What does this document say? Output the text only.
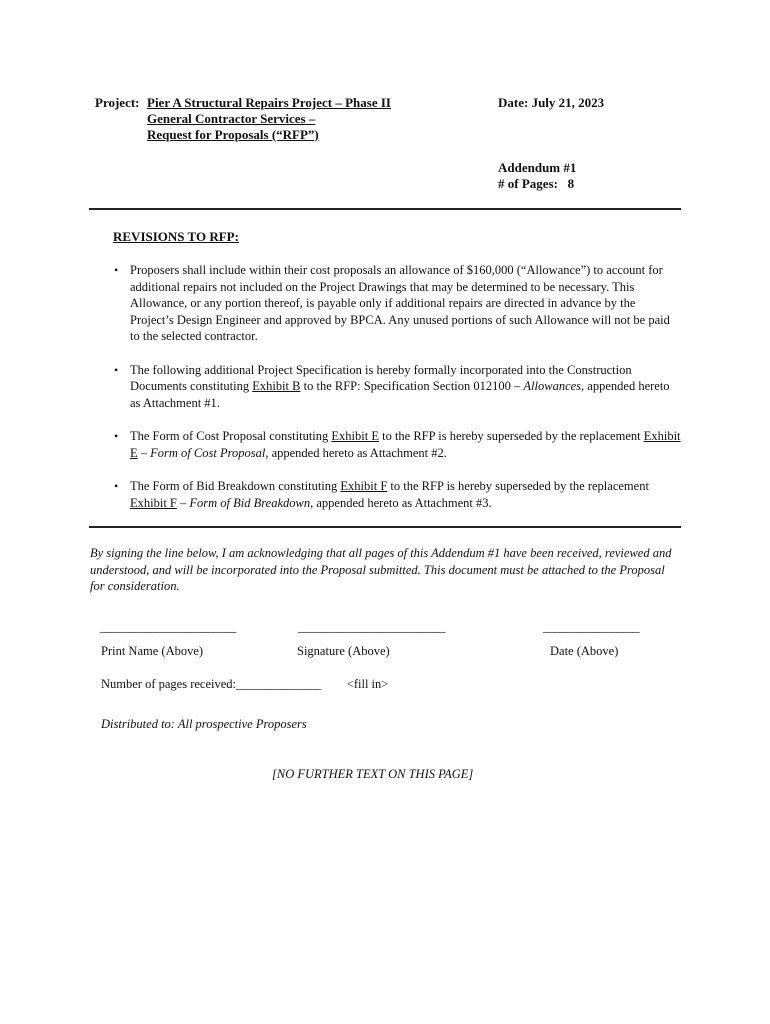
Project: Pier A Structural Repairs Project – Phase II
General Contractor Services –
Request for Proposals (“RFP”)
Date: July 21, 2023
Addendum #1
# of Pages:   8
REVISIONS TO RFP:
• Proposers shall include within their cost proposals an allowance of $160,000 (“Allowance”) to account for additional repairs not included on the Project Drawings that may be determined to be necessary. This Allowance, or any portion thereof, is payable only if additional repairs are directed in advance by the Project’s Design Engineer and approved by BPCA. Any unused portions of such Allowance will not be paid to the selected contractor.
• The following additional Project Specification is hereby formally incorporated into the Construction Documents constituting Exhibit B to the RFP: Specification Section 012100 – Allowances, appended hereto as Attachment #1.
• The Form of Cost Proposal constituting Exhibit E to the RFP is hereby superseded by the replacement Exhibit E – Form of Cost Proposal, appended hereto as Attachment #2.
• The Form of Bid Breakdown constituting Exhibit F to the RFP is hereby superseded by the replacement Exhibit F – Form of Bid Breakdown, appended hereto as Attachment #3.
By signing the line below, I am acknowledging that all pages of this Addendum #1 have been received, reviewed and understood, and will be incorporated into the Proposal submitted. This document must be attached to the Proposal for consideration.
________________________	__________________________	_________________
Print Name (Above)	Signature (Above)	Date (Above)
Number of pages received:_______________ <fill in>
Distributed to: All prospective Proposers
[NO FURTHER TEXT ON THIS PAGE]
